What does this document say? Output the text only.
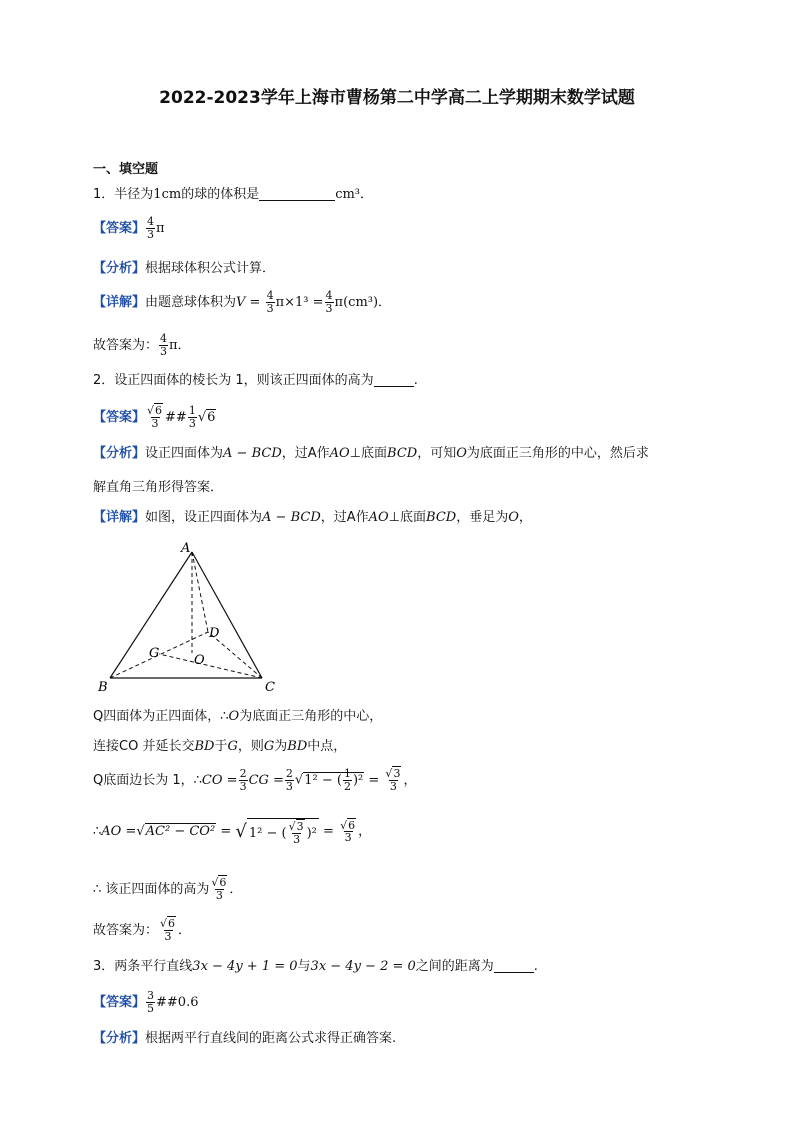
2022-2023学年上海市曹杨第二中学高二上学期期末数学试题
一、填空题
1． 半径为 1cm 的球的体积是	cm³．
【答案】 $\frac{4}{3}$ π
【分析】 根据球体积公式计算．
【详解】 由题意球体积为 $V = \frac{4}{3} \pi\times 1^3 = \frac{4}{3} \pi(cm^3)$．
故答案为： $\frac{4}{3}$ π．
2． 设正四面体的棱长为 1，则该正四面体的高为	.
【答案】 $\frac{√6}{3}$ ## $\frac{1}{3} √6$
【分析】 设正四面体为 A − BCD ，过A作 AO ⊥底面 BCD ，可知 O 为底面正三角形的中心，然后求
解直角三角形得答案．
【详解】 如图，设正四面体为 A − BCD ，过A作 AO ⊥底面 BCD ，垂足为 O ，
A
B	C
D
G	O
Q四面体为正四面体，∴ O 为底面正三角形的中心，
连接CO 并延长交 BD 于 G ，则 G 为 BD 中点，
Q底面边长为 1，∴ CO = $\frac{2}{3}$ CG = $\frac{2}{3} √1^2$ − ( $\frac{1}{2} )^2$
=
$\frac{√3}{3}$ ，
∴ AO = √AC² − CO²
=
√ 1² − ( $\frac{√3}{3} )^2$
=
$\frac{√6}{3}$ ，
∴ 该正四面体的高为 $\frac{√6}{3}$ ．
故答案为： $\frac{√6}{3}$ ．
3． 两条平行直线 3x − 4y + 1 = 0 与 3x − 4y − 2 = 0 之间的距离为	.
【答案】 $\frac{3}{5}$ ##0.6
【分析】 根据两平行直线间的距离公式求得正确答案.
